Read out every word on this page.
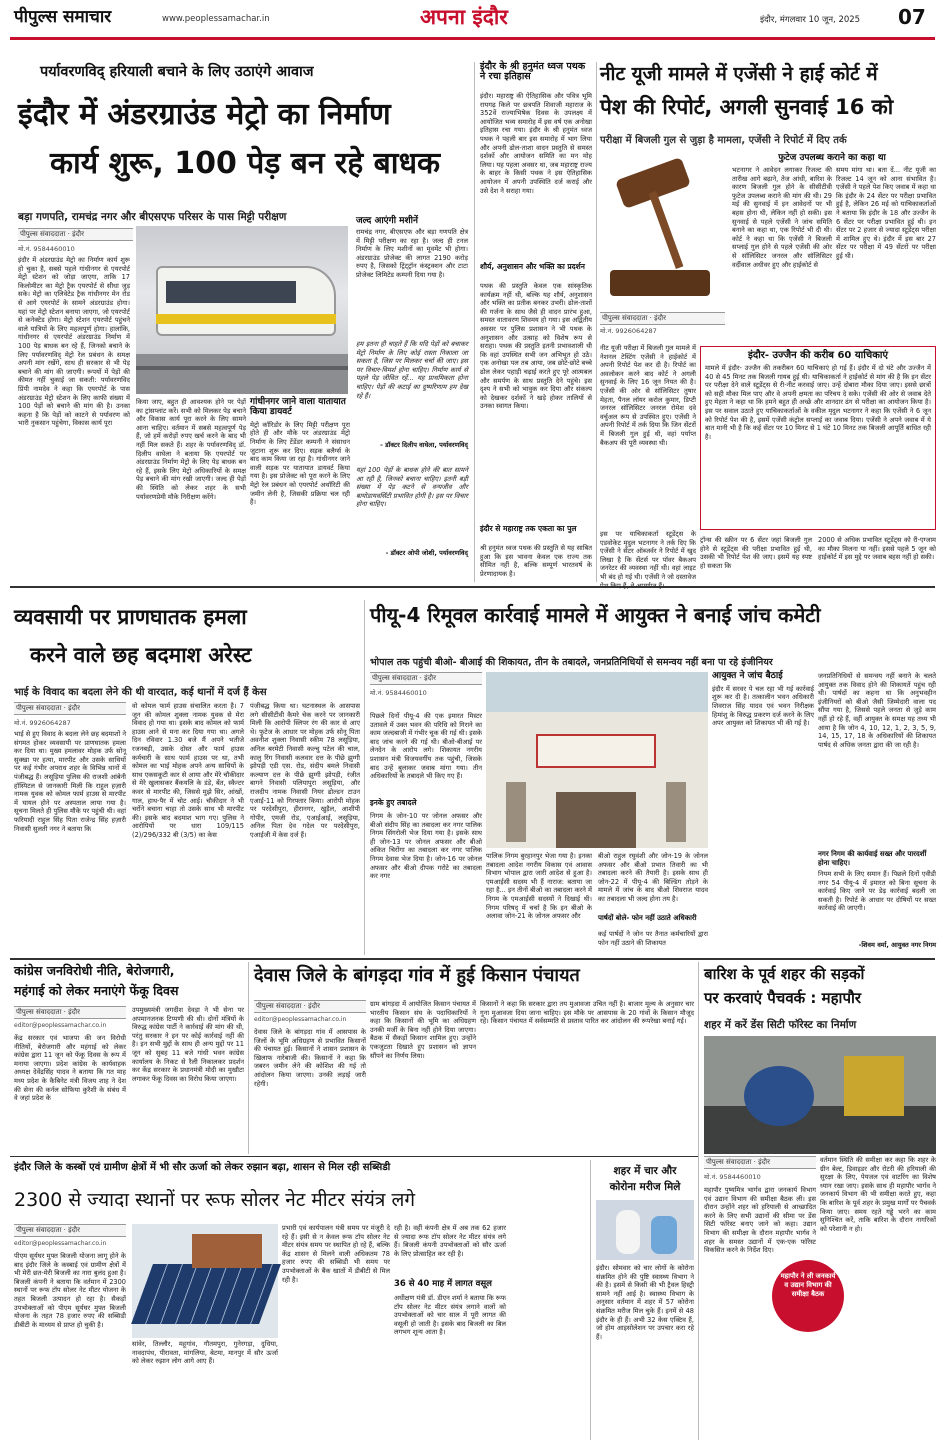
पीपुल्स समाचार	www.peoplessamachar.in	अपना इंदौर	इंदौर, मंगलवार 10 जून, 2025 07
पर्यावरणविद् हरियाली बचाने के लिए उठाएंगे आवाज
इंदौर में अंडरग्राउंड मेट्रो का निर्माण
कार्य शुरू, 100 पेड़ बन रहे बाधक
बड़ा गणपति, रामचंद्र नगर और बीएसएफ परिसर के पास मिट्टी परीक्षण
पीपुल्स संवाददाता · इंदौर
मो.नं. 9584460010
इंदौर में अंडरग्राउंड मेट्रो का निर्माण कार्य शुरू हो चुका है, सबसे पहले गांधीनगर से एयरपोर्ट मेट्रो स्टेशन को जोड़ा जाएगा, ताकि 17 किलोमीटर का मेट्रो ट्रैक एयरपोर्ट से सीधा जुड़ सके। मेट्रो का एलिवेटेड ट्रैक गांधीनगर मेन रोड से आगे एयरपोर्ट के सामने अंडरग्राउंड होगा। यहां पर मेट्रो स्टेशन बनाया जाएगा, जो एयरपोर्ट से कनेक्टेड होगा। मेट्रो स्टेशन एयरपोर्ट पहुंचने वाले यात्रियों के लिए महत्वपूर्ण होगा। हालांकि, गांधीनगर से एयरपोर्ट अंडरग्राउंड निर्माण में 100 पेड़ बाधक बन रहे हैं, जिनको बचाने के लिए पर्यावरणविद् मेट्रो रेल प्रबंधन के समक्ष अपनी मांग रखेंगे, साथ ही सरकार से भी पेड़ बचाने की मांग की जाएगी। रूपयों में पेड़ों की कीमत नहीं चुकाई जा सकती: पर्यावरणविद प्रिंपी नामदेव ने कहा कि एयरपोर्ट के पास अंडरग्राउंड मेट्रो स्टेशन के लिए काफी संख्या में 100 पेड़ों को बचाने की मांग की है। उनका कहना है कि पेड़ों को काटने से पर्यावरण को भारी नुकसान पहुंचेगा, विकास कार्य पूरा
किया जाए, बहुत ही आवश्यक होने पर पेड़ों का ट्रांसप्लांट करें। सभी को मिलकर पेड़ बचाने और विकास कार्य पूरा करने के लिए सामने आना चाहिए। वर्तमान में सबसे महत्वपूर्ण पेड़ हैं, जो हमें करोड़ों रुपए खर्च करने के बाद भी नहीं मिल सकते हैं। शहर के पर्यावरणविद् डॉ. दिलीप वाघेला ने बताया कि एयरपोर्ट पर अंडरग्राउंड निर्माण मेट्रो के लिए पेड़ बाधक बन रहे हैं, इसके लिए मेट्रो अधिकारियों के समक्ष पेड़ बचाने की मांग रखी जाएगी। जल्द ही पेड़ों की स्थिति को लेकर शहर के सभी पर्यावरणप्रेमी मौके निरीक्षण करेंगे।
गांधीनगर जाने वाला यातायात किया डायवर्ट
मेट्रो कॉरिडोर के लिए मिट्टी परीक्षण पूरा होते ही और मौके पर अंडरग्राउंड मेट्रो निर्माण के लिए टेंडेंडर कम्पनी ने संसाधन जुटाना शुरू कर दिए। सड़क बलैर्ग्स के बाद काम किया जा रहा है। गांधीनगर जाने वाली सड़क पर यातायात डायवर्ट किया गया है। इस प्रोजेक्ट को पूरा करने के लिए मेट्रो रेल प्रबंधन को एयरपोर्ट अथॉरिटी की जमीन लेनी है, जिसकी प्रक्रिया चल रही है।
जल्द आएंगी मशीनें
रामचंद्र नगर, बीएसएफ और बड़ा गणपति क्षेत्र में मिट्टी परीक्षण का रहा है। जल्द ही टनल निर्माण के लिए मशीनों का मूवमेंट भी होगा। अंडरग्राउंड प्रोजेक्ट की लागत 2190 करोड़ रुपए है, जिसको ट्रिंट्ट्रॉन कंस्ट्रक्शन और टाटा प्रोजेक्ट लिमिटेड कम्पनी दिया गया है।
हम इतना ही चाहते हैं कि यदि पेड़ों को बचाकर मेट्रो निर्माण के लिए कोई रास्ता निकाला जा सकता है, जिस पर मिलकर चर्चा की जाए। इस पर विचार-विमर्श होना चाहिए। निर्माण कार्य से पहले पेड़ जीवित रहें... यह प्राथमिकता होना चाहिए। पेड़ों की कटाई का दुष्परिणाम हम देख रहे हैं।
- डॉक्टर दिलीप वाघेला, पर्यावरणविद्
यहां 100 पेड़ों के बाधक होने की बात सामने आ रही है, जिनको बचाना चाहिए। इतनी बड़ी संख्या में पेड़ कटने से वन्यजीव और बायोडायवर्सिटी प्रभावित होगी है। इस पर विचार होना चाहिए।
- डॉक्टर ओपी जोशी, पर्यावरणविद्
इंदौर के श्री हनुमंत ध्वज पथक ने रचा इतिहास
इंदौर। महाराष्ट्र की ऐतिहासिक और पवित्र भूमि रायगढ़ किले पर छत्रपति शिवाजी महाराज के 352वें राज्याभिषेक दिवस के उपलक्ष्य में आयोजित भव्य समारोह में इस वर्ष एक अनोखा इतिहास रचा गया। इंदौर के श्री हनुमंत ध्वज पथक ने पहली बार इस समारोह में भाग लिया और अपनी ढोल-ताशा वादन प्रस्तुति से समस्त दर्शकों और आयोजन समिति का मन मोह लिया। यह पहला अवसर था, जब महाराष्ट्र राज्य के बाहर के किसी पथक ने इस ऐतिहासिक आयोजन में अपनी उपस्थिति दर्ज कराई और उसे देश ने सराहा गया।
शौर्य, अनुशासन और भक्ति का प्रदर्शन
पथक की प्रस्तुति केवल एक सांस्कृतिक कार्यक्रम नहीं थी, बल्कि यह शौर्य, अनुशासन और भक्ति का प्रतीक बनकर उभरी। ढोल-ताशों की गर्जना के साथ जैसे ही वादन प्रारंभ हुआ, समस्त वातावरण शिवमय हो गया। इस अद्वितीय अवसर पर पुलिस प्रशासन ने भी पथक के अनुशासन और उत्साह को विशेष रूप से सराहा। पथक की प्रस्तुति इतनी प्रभावशाली थी कि वहां उपस्थित सभी जन अभिभूत हो उठे। एक अनोखा पल तब आया, जब छोटे-छोटे बच्चे ढोल लेकर पहाड़ी चढ़ाई करते हुए पूरे आत्मबल और समर्पण के साथ प्रस्तुति देने पहुंचे। इस दृश्य ने सभी को भावुक कर दिया और संकल्प को देखकर दर्शकों ने खड़े होकर तालियों से उनका स्वागत किया।
इंदौर से महाराष्ट्र तक एकता का पुल
श्री हनुमंत ध्वज पथक की प्रस्तुति से यह साबित हुआ कि इस भावना केवल एक राज्य तक सीमित नहीं है, बल्कि सम्पूर्ण भारतवर्ष के प्रेरणादायक है।
नीट यूजी मामले में एजेंसी ने हाई कोर्ट में
पेश की रिपोर्ट, अगली सुनवाई 16 को
परीक्षा में बिजली गुल से जुड़ा है मामला, एजेंसी ने रिपोर्ट में दिए तर्क
पीपुल्स संवाददाता · इंदौर
मो.नं. 9926064287
फुटेज उपलब्ध कराने का कहा था
भटनागर ने आवेदन लगाकर रिजल्ट की तारीख आगे बढ़ाने, तेज आंधी, बारिश के कारण बिजली गुल होने के सीसीटीवी फुटेज उपलब्ध कराने की मांग की थी। 29 मई की सुनवाई में इन आवेदनों पर भी बहस होना थी, लेकिन नहीं हो सकी। इस सुनवाई से पहले एजेंसी ने जांच समिति बनाने का कहा था, एक रिपोर्ट भी दी थी। कोर्ट ने कहा था कि एजेंसी ने बिजली सप्लाई गुल होने से पहले एजेंसी की ओर से सॉलिसिटर जनरल और सॉलिसिटर वर्दीवाल अधीवर हुए और हाईकोर्ट से
समय मांगा था। बता दें... नीट यूजी का रिजल्ट 14 जून को आना संभावित है। एजेंसी ने पहले पेश किए जवाब में कहा था कि इंदौर के 24 सेंटर पर परीक्षा प्रभावित हुई है, लेकिन 26 मई को याचिकाकर्ताओं ने बताया कि इंदौर के 18 और उज्जैन के 6 सेंटर पर परीक्षा प्रभावित हुई थी। इन सेंटर पर 2 हजार से ज्यादा स्टूडेंट्स परीक्षा में शामिल हुए थे। इंदौर में इस बार 27 सेंटर पर परीक्षा में 49 सेंटरों पर परीक्षा हुई थी।
नीट यूजी परीक्षा में बिजली गुल मामले में नेशनल टेस्टिंग एजेंसी ने हाईकोर्ट में अपनी रिपोर्ट पेश कर दी है। रिपोर्ट का अवलोकन करने बाद कोर्ट ने अगली सुनवाई के लिए 16 जून नियत की है। एजेंसी की ओर से सॉलिसिटर तुषार मेहता, पैनल लॉयर करोल कुमार, डिप्टी जनरल सॉलिसिटर जनरल रोमेश दवे वर्चुअल रूप से उपस्थित हुए। एजेंसी ने अपनी रिपोर्ट में तर्क दिया कि जिन सेंटरों में बिजली गुल हुई थी, वहां पर्याप्त बैकअप की पूरी व्यवस्था थी।
इस पर याचिकाकर्ता स्टूडेंट्स के एडवोकेट मृदुल भटनागर ने तर्क दिए कि एजेंसी ने सेंटर ऑब्जर्वर ने रिपोर्ट में खुद लिखा है कि सेंटर्स पर पॉवर बैकअप जनरेटर की व्यवस्था नहीं थी। वहां लाइट भी बंद हो गई थी। एजेंसी ने जो दस्तावेज
इंदौर- उज्जैन की करीब 60 याचिकाएं
मामले में इंदौर- उज्जैन की तकरीबन 60 याचिकाएं हो गई हैं। इंदौर में दो घंटे और उज्जैन में 40 से 45 मिनट तक बिजली गायब हुई थी। याचिकाकर्ता ने हाईकोर्ट से मांग की है कि इन सेंटर पर परीक्षा देने वाले स्टूडेंट्स से री-नीट करवाई जाए। उन्हें दोबारा मौका दिया जाए। इससे छात्रों को सही मौका मिल पाए और वे अपनी क्षमता का परिचय दे सके। एजेंसी की ओर से जवाब देते हुए मेहता ने कहा था कि हमने बहुत ही अच्छे और शानदार ढंग से परीक्षा का आयोजन किया है। इस पर सवाल उठाते हुए याचिकाकर्ताओं के वकील मृदुल भटनागर ने कहा कि एजेंसी ने 6 जून को रिपोर्ट पेश की है, इसमें एजेंसी कंट्रोल सप्लाई का जवाब दिया। एजेंसी ने अपने जवाब में ये बात मानी भी है कि कई सेंटर पर 10 मिनट से 1 घंटे 10 मिनट तक बिजली आपूर्ति बाधित रही है।
ट्रॉन्स की स्क्रीन पर 6 सेंटर जहां बिजली गुल होने से स्टूडेंट्स की परीक्षा प्रभावित हुई थी, उसकी भी रिपोर्ट पेश की जाए। इसमें यह स्पष्ट हो सकता कि
2000 से अधिक प्रभावित स्टूडेंट्स को री-एग्जाम का मौका मिलना या नहीं। इससे पहले 5 जून को हाईकोर्ट में इस मुद्दे पर जवाब बहस नहीं हो सकी।
व्यवसायी पर प्राणघातक हमला
करने वाले छह बदमाश अरेस्ट
भाई के विवाद का बदला लेने की थी वारदात, कई थानों में दर्ज हैं केस
पीपुल्स संवाददाता · इंदौर
मो.नं. 9926064287
भाई से हुए विवाद के बदला लेने छह बदमाशों ने संगमत होकर व्यवसायी पर प्राणघातक हमला कर दिया था। मुख्य हमलावर मोहक उर्फ सोनू सुक्खा पर हत्या, मारपीट और उसके साथियों पर कई गंभीर अपराध शहर के विभिन्न थानों में पंजीबद्ध हैं। लसूड़िया पुलिस की राजशी आंबेनी हॉस्पिटल से जानकारी मिली कि राहुल हज़ारी नामक युवक को कोमल फार्म हाउस से मारपीट में घायल होने पर अस्पताल लाया गया है। सूचना मिलते ही पुलिस मौके पर पहुंची थी। वहां फरियादी राहुल सिंह पिता राजेन्द्र सिंह हज़ारी निवासी सुलती नगर ने बताया कि
वो कोमल फार्म हाउस संचालित करता है। 7 जून की कोमल शुक्ला नामक युवक से मेरा विवाद हो गया था। इसके बाद कोमल को फार्म हाउस आने से मना कर दिया गया था। अगले दिन रविवार 1.30 बजे मैं अपने भतीजे रजनबड़ी, उसके दोस्त और फार्म हाउस कर्मचारी के साथ फार्म हाउस पर था, तभी कोमल का भाई मोहक अपने अन्य साथियों के साथ एकसकूटी कार से आया और मेरे चौकीदार से मेरे खुलासकर बैंकयलि के डंडे, बेंत, स्कैन्टर कवर से मारपीट की, जिससे मुझे सिर, आंखों, गाल, हाथ-पैर में चोट आई। चौकीदार ने भी चरोंने बचाना चाहा तो उसके साथ भी मारपीट की। इसके बाद बदमाश भाग गए। पुलिस ने आरोपियों पर धारा 109/115 (2)/296/332 बी (3/5) का केस
पंजीबद्ध किया था। घटनास्थल के आसपास लगे सीसीटीवी कैमरे चेक करने पर जानकारी मिली कि आरोपी स्लिपर रंग की कार से आए थे। फुटेज के आधार पर मोहक उर्फ सोनू पिता अवनीश शुक्ला निवासी स्कीम 78 लसूड़िया, अनिल बरमेटी निवासी कल्चु पटेल की चाल, कालु रिंग निवासी कलवार दत्त के पीछे झुग्गी झोपड़ी एडी एस. रोड, संदीप बमले निवासी कल्याण दत्त के पीछे झुग्गी झोपड़ी, रंजीत बागने निवासी पलियापुरा लसूड़िया, और राजदीप नामक निवासी नियर ढोल्डन टाउन एआई-11 को गिरफ्तार किया। आरोपी मोहक पर परदेसीपुरा, हीरानगर, खुड़ैल, आशीपी गोपीर, एमजी रोड, एआईआई, लसूड़िया, अनिल पिता देव गदेल पर परदेसीपुरा, एआईजी में केस दर्ज हैं।
पीयू-4 रिमूवल कार्रवाई मामले में आयुक्त ने बनाई जांच कमेटी
भोपाल तक पहुंची बीओ- बीआई की शिकायत, तीन के तबादले, जनप्रतिनिधियों से समन्वय नहीं बना पा रहे इंजीनियर
पीपुल्स संवाददाता · इंदौर
मो.नं. 9584460010
पिछले दिनों पीयू-4 की एक इमारत मिस्टर उतावले में उक्त भवन की परिधि को गिराने का काम जल्दबाजी में गंभीर चूक की गई थी। इसके बाद जांच करने की गई थी। बीओ-बीआई पर लेनदेन के आरोप लगे। शिकायत नगरीय प्रशासन मंत्री विजयवर्गीय तक पहुंची, जिसके बाद उन्हें बुलाकर जवाब मांगा गया। तीन अधिकारियों के तबादले भी किए गए हैं।
इनके हुए तबादले
निगम के जोन-10 पर जोनल अफसर और बीओ संदीप सिंह का तबादला कर नगर पालिक निगम सिंगरोली भेज दिया गया है। इसके साथ ही जोन-13 पर जोनल अफसर और बीओ अंकित चिरोंगा का तबादला कर नगर पालिक निगम देवास भेज दिया है। जोन-16 पर जोनल अफसर और बीओ दीपक गरोटे का तबादला कर नगर
पालिक निगम बुरहानपुर भेजा गया है। इनका तबादला आदेश नगरीय विकास एवं आवास विभाग भोपाल द्वारा जारी आदेश से हुआ है। एमआईसी सदस्य भी हैं नाराज: बताया जा रहा है... इन तीनों बीओ का तबादला करने में निगम के एमआईसी सदस्यों ने दिखाई थी। निगम परिषद्‌ में चर्चा है कि इन बीओ के अलावा जोन-21 के जोनल अफसर और
बीओ राहुल रघुवंशी और जोन-19 के जोनल अफसर और बीओ प्रभात तिवारी का भी तबादला करने की तैयारी है। इसके साथ ही जोन-22 में पीयू-4 की बिल्डिंग तोड़ने के मामले में जांच के बाद बीओ शिवराज यादव का तबादला भी जल्द होना तय है।
पार्षदों बोले- फोन नहीं उठाते अधिकारी
कई पार्षदों ने जोन पर तैनात कर्मचारियों द्वारा फोन नहीं उठाने की शिकायत
आयुक्त ने जांच बैठाई
इंदौर में सरवर पे चल रहा भी गई कार्रवाई शुरू कर दी है। तत्कालीन भवन अधिकारी शिवराज सिंह यादव एवं भवन निरीक्षक हिमांशु के विरुद्ध प्रकरण दर्ज करने के लिए अपर आयुक्त को शिकायत भी की गई है।
जनप्रतिनिधियों से समन्वय नहीं बनाने के चलते आयुक्त तक विवाद होने की शिकायतें पहुंच रही थी। पार्षदों का कहना था कि अनुभवहीन इंजीनियरों को बीओ जैसी जिम्मेदारी वाला पद सौंपा गया है, जिससे पहले जनता से जुड़े काम नहीं हो रहे हैं, वहीं आयुक्त के समक्ष यह तथ्य भी आया है कि जोन 4, 10, 12, 1, 2, 3, 5, 9, 14, 15, 17, 18 के अधिकारियों की शिकायत पार्षद से अधिक जनता द्वारा की जा रही है।
नगर निगम की कार्यवाई सख्त और पारदर्शी होना चाहिए।
नियम सभी के लिए समान हैं। पिछले दिनों एवीडी नगर 54 पीयू-4 में इमारत को बिना सूचना के कार्रवाई किए जाने पर डेढ़ कार्रवाई बदली जा सकती है। रिपोर्ट के आधार पर दोषियों पर सख्त कार्रवाई की जाएगी।
-शिवम वर्मा, आयुक्त नगर निगम
कांग्रेस जनविरोधी नीति, बेरोजगारी,
महंगाई को लेकर मनाएंगे फेंकू दिवस
पीपुल्स संवाददाता · इंदौर
editor@peoplessamachar.co.in
केंद्र सरकार एवं भाजपा की जन विरोधी नीतियों, बेरोजगारी और महंगाई को लेकर कांग्रेस द्वारा 11 जून को फेंकू दिवस के रूप में मनाया जाएगा। प्रदेश कांग्रेस के कार्यवाहक अध्यक्ष देवेंद्रसिंह यादव ने बताया कि गत माह मध्य प्रदेश के कैबिनेट मंत्री विजय शाह ने देश की सेना की कर्नल सोफिया कुरैशी के संबंध में वे जहां प्रदेश के
उपमुख्यमंत्री जगदीश देवड़ा ने भी सेना पर अपमानजनक टिप्पणी की थी। दोनों मंत्रियों के विरुद्ध कांग्रेस पार्टी ने कार्रवाई की मांग की थी, परंतु सरकार ने इन पर कोई कार्रवाई नहीं की है। इन सभी मुद्दों के साथ ही अन्य मुद्दों पर 11 जून को सुबह 11 बजे गांधी भवन कांग्रेस कार्यालय के निकट से रैली निकालकर प्रदर्शन कर केंद्र सरकार के प्रधानमंत्री मोदी का मुखौटा लगाकर फेंकू दिवस का विरोध किया जाएगा।
देवास जिले के बांगड़दा गांव में हुई किसान पंचायत
पीपुल्स संवाददाता · इंदौर
editor@peoplessamachar.co.in
देवास जिले के बांगड़दा गांव में आसपास के जिलों के भूमि अधिग्रहण से प्रभावित किसानों की पंचायत हुई। किसानों ने शासन प्रशासन के खिलाफ नारेबाजी की। किसानों ने कहा कि जबरन जमीन लेने की कोशिश की गई तो आंदोलन किया जाएगा। उनकी लड़ाई जारी रहेगी।
ग्राम बांगड़दा में आयोजित किसान पंचायत में भारतीय किसान संघ के पदाधिकारियों ने कहा कि किसानों की भूमि का अधिग्रहण उनकी मर्जी के बिना नहीं होने दिया जाएगा। बैठक में सैकड़ों किसान शामिल हुए। उन्होंने एकजुटता दिखाते हुए प्रशासन को ज्ञापन सौंपने का निर्णय लिया।
किसानों ने कहा कि सरकार द्वारा तय मुआवजा उचित नहीं है। बाजार मूल्य के अनुसार चार गुना मुआवजा दिया जाना चाहिए। इस मौके पर आसपास के 20 गांवों के किसान मौजूद रहे। किसान पंचायत में सर्वसम्मति से प्रस्ताव पारित कर आंदोलन की रूपरेखा बनाई गई।
बारिश के पूर्व शहर की सड़कों
पर करवाएं पैचवर्क : महापौर
शहर में करें डेंस सिटी फॉरेस्ट का निर्माण
पीपुल्स संवाददाता · इंदौर
मो.नं. 9584460010
महापौर पुष्यमित्र भार्गव द्वारा जनकार्य विभाग एवं उद्यान विभाग की समीक्षा बैठक ली। इस दौरान उन्होंने शहर को हरियाली से आच्छादित करने के लिए सभी उद्यानों की सीमा पर डेंस सिटी फॉरेस्ट बनाए जाने को कहा। उद्यान विभाग की समीक्षा के दौरान महापौर भार्गव ने शहर के समस्त उद्यानों में एक-एक फॉरेस्ट विकसित करने के निर्देश दिए।
वर्तमान स्थिति की समीक्षा कर कहा कि शहर के ग्रीन बेल्ट, डिवाइडर और रोटरी की हरियाली की सुरक्षा के लिए, पेयजल एवं वाटरिंग का विशेष ध्यान रखा जाए। इसके साथ ही महापौर भार्गव ने जनकार्य विभाग की भी समीक्षा करते हुए, कहा कि बारिश के पूर्व शहर के प्रमुख मार्गों पर पैचवर्क किया जाए। समय रहते गड्ढे भरने का काम सुनिश्चित करें, ताकि बारिश के दौरान नागरिकों को परेशानी न हो।
महापौर ने ली जनकार्य व उद्यान विभाग की समीक्षा बैठक
इंदौर जिले के कस्बों एवं ग्रामीण क्षेत्रों में भी सौर ऊर्जा को लेकर रुझान बढ़ा, शासन से मिल रही सब्सिडी
2300 से ज्यादा स्थानों पर रूफ सोलर नेट मीटर संयंत्र लगे
पीपुल्स संवाददाता · इंदौर
editor@peoplessamachar.co.in
पीएम सूर्यघर मुफ्त बिजली योजना लागू होने के बाद इंदौर जिले के कस्बाई एवं ग्रामीण क्षेत्रों में भी मेरी छत-मेरी बिजली का नारा बुलंद हुआ है। बिजली कंपनी ने बताया कि वर्तमान में 2300 स्थानों पर रूफ टॉप सोलर नेट मीटर योजना के तहत बिजली उत्पादन हो रहा है। सैकड़ों उपभोक्ताओं को पीएम सूर्यघर मुफ्त बिजली योजना के तहत 78 हजार रुपए की सब्सिडी डीबीटी के माध्यम से प्राप्त हो चुकी है।
सांवेर, तिल्लौर, महूगांव, गौतमपुरा, गुनेरगड़ा, दुधिया, नावदापंथ, पीरावता, मांगलिया, बेटमा, मानपुर में सौर ऊर्जा को लेकर रुझान लोग आगे आए हैं।
प्रभारी एवं कार्यपालन यंत्री समय पर मंजूरी दे रहे हैं। इसी से न केवल रूफ टॉप सोलर नेट मीटर संयंत्र समय पर स्थापित हो रहे हैं, बल्कि केंद्र शासन से मिलने वाली अधिकतम 78 हजार रुपए की सब्सिडी भी समय पर उपभोक्ताओं के बैंक खातों में डीबीटी से मिल रही है।
रही है। वहीं कंपनी क्षेत्र में अब तक 62 हजार से ज्यादा रूफ टॉप सोलर नेट मीटर संयंत्र लगे हैं। बिजली कंपनी उपभोक्ताओं को सौर ऊर्जा के लिए प्रोत्साहित कर रही है।
36 से 40 माह में लागत वसूल
अधीक्षण यंत्री डॉ. डीएन शर्मा ने बताया कि रूफ टॉप सोलर नेट मीटर संयंत्र लगाने वालों को उपभोक्ताओं को चार साल में पूरी लागत की वसूली हो जाती है। इसके बाद बिजली का बिल लगभग शून्य आता है।
शहर में चार और
कोरोना मरीज मिले
इंदौर। सोमवार को चार लोगों के कोरोना संक्रमित होने की पुष्टि स्वास्थ्य विभाग ने की है। इसमें से किसी की भी ट्रैवल हिस्ट्री सामने नहीं आई है। स्वास्थ्य विभाग के अनुसार वर्तमान में शहर में 57 कोरोना संक्रमित मरीज मिल चुके हैं। इनमें से 48 इंदौर के ही हैं। अभी 32 केस एक्टिव हैं, जो होम आइसोलेशन पर उपचार करा रहे हैं।
